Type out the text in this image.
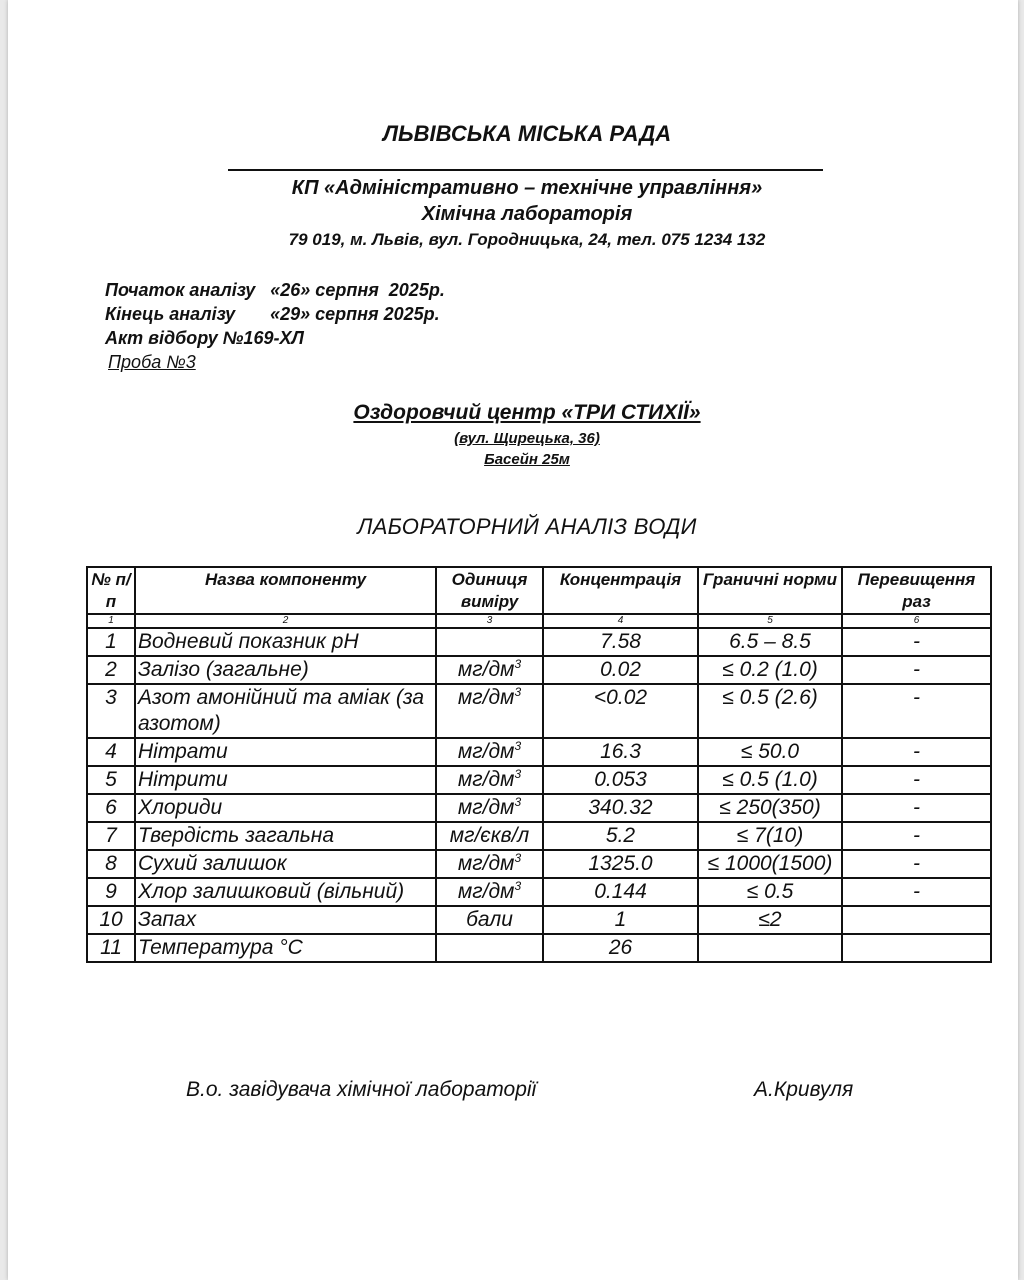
ЛЬВІВСЬКА МІСЬКА РАДА
КП «Адміністративно – технічне управління»
Хімічна лабораторія
79 019, м. Львів, вул. Городницька, 24, тел. 075 1234 132
Початок аналізу   «26» серпня  2025р.
Кінець аналізу       «29» серпня 2025р.
Акт відбору №169-ХЛ
Проба №3
Оздоровчий центр «ТРИ СТИХІЇ»
(вул. Щирецька, 36)
Басейн 25м
ЛАБОРАТОРНИЙ АНАЛІЗ ВОДИ
№ п/п	Назва компоненту	Одиниця виміру	Концентрація	Граничні норми	Перевищення раз
1	2	3	4	5	6
1	Водневий показник рН		7.58	6.5 – 8.5	-
2	Залізо (загальне)	$мг/дм^3$	0.02	≤ 0.2 (1.0)	-
3	Азот амонійний та аміак (за азотом)	$мг/дм^3$	<0.02	≤ 0.5 (2.6)	-
4	Нітрати	$мг/дм^3$	16.3	≤ 50.0	-
5	Нітрити	$мг/дм^3$	0.053	≤ 0.5 (1.0)	-
6	Хлориди	$мг/дм^3$	340.32	≤ 250(350)	-
7	Твердість загальна	мг/єкв/л	5.2	≤ 7(10)	-
8	Сухий залишок	$мг/дм^3$	1325.0	≤ 1000(1500)	-
9	Хлор залишковий (вільний)	$мг/дм^3$	0.144	≤ 0.5	-
10	Запах	бали	1	≤2	
11	Температура °С		26		
В.о. завідувача хімічної лабораторії	А.Кривуля
